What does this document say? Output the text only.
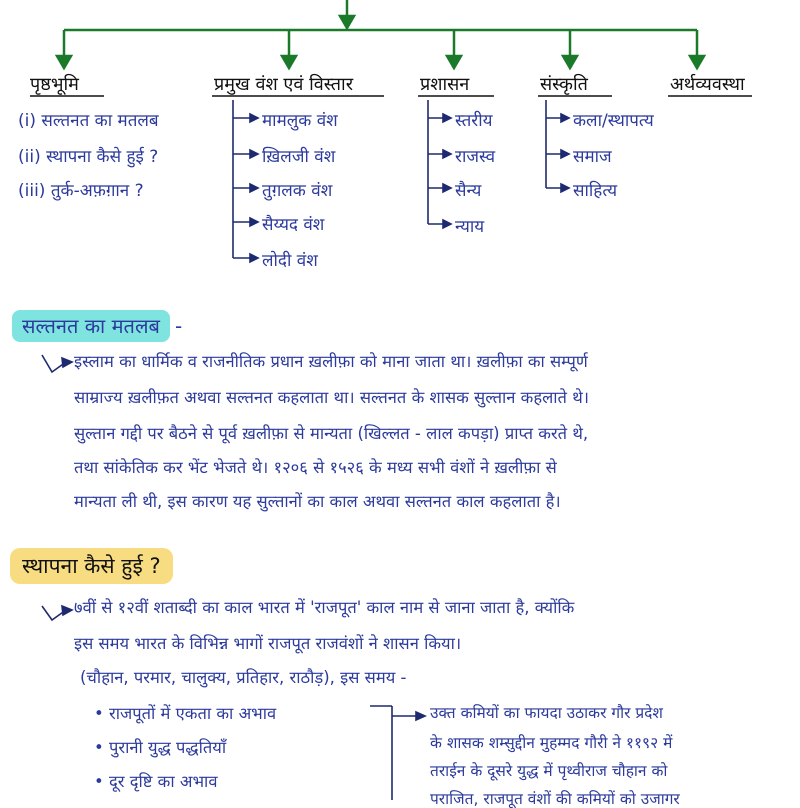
पृष्ठभूमि	प्रमुख वंश एवं विस्तार	प्रशासन	संस्कृति	अर्थव्यवस्था
(i) सल्तनत का मतलब
(ii) स्थापना कैसे हुई ?
(iii) तुर्क-अफ़ग़ान ?
मामलुक वंश
ख़िलजी वंश
तुग़लक वंश
सैय्यद वंश
लोदी वंश
स्तरीय
राजस्व
सैन्य
न्याय
कला/स्थापत्य
समाज
साहित्य
सल्तनत का मतलब -
इस्लाम का धार्मिक व राजनीतिक प्रधान ख़लीफ़ा को माना जाता था। ख़लीफ़ा का सम्पूर्ण
साम्राज्य ख़लीफ़त अथवा सल्तनत कहलाता था। सल्तनत के शासक सुल्तान कहलाते थे।
सुल्तान गद्दी पर बैठने से पूर्व ख़लीफ़ा से मान्यता (खिल्लत - लाल कपड़ा) प्राप्त करते थे,
तथा सांकेतिक कर भेंट भेजते थे। १२०६ से १५२६ के मध्य सभी वंशों ने ख़लीफ़ा से
मान्यता ली थी, इस कारण यह सुल्तानों का काल अथवा सल्तनत काल कहलाता है।
स्थापना कैसे हुई ?
७वीं से १२वीं शताब्दी का काल भारत में 'राजपूत' काल नाम से जाना जाता है, क्योंकि
इस समय भारत के विभिन्न भागों राजपूत राजवंशों ने शासन किया।
(चौहान, परमार, चालुक्य, प्रतिहार, राठौड़), इस समय -
• राजपूतों में एकता का अभाव
• पुरानी युद्ध पद्धतियाँ
• दूर दृष्टि का अभाव
उक्त कमियों का फायदा उठाकर गौर प्रदेश
के शासक शम्सुद्दीन मुहम्मद गौरी ने ११९२ में
तराईन के दूसरे युद्ध में पृथ्वीराज चौहान को
पराजित, राजपूत वंशों की कमियों को उजागर
